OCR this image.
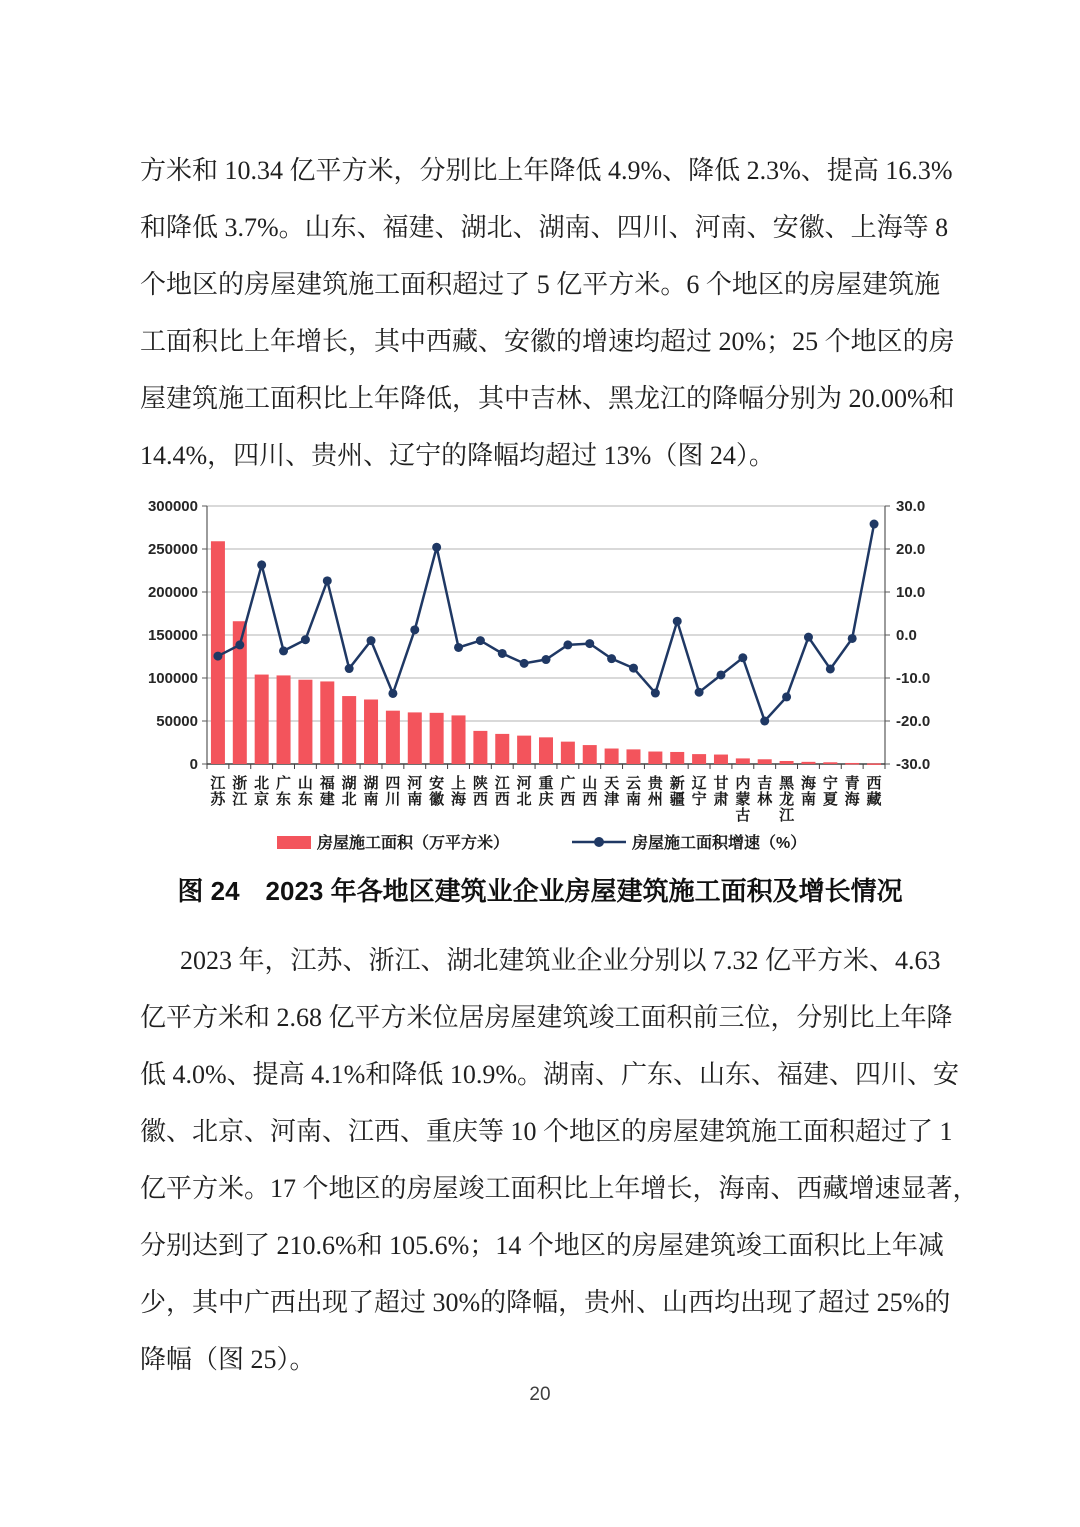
方米和 10.34 亿平方米，分别比上年降低 4.9%、降低 2.3%、提高 16.3%
和降低 3.7%。山东、福建、湖北、湖南、四川、河南、安徽、上海等 8
个地区的房屋建筑施工面积超过了 5 亿平方米。6 个地区的房屋建筑施
工面积比上年增长，其中西藏、安徽的增速均超过 20%；25 个地区的房
屋建筑施工面积比上年降低，其中吉林、黑龙江的降幅分别为 20.00%和
14.4%，四川、贵州、辽宁的降幅均超过 13%（图 24）。
0
50000
100000
150000
200000
250000
300000	30.0
20.0
10.0
0.0
-10.0
-20.0
-30.0
江苏
浙江
北京
广东
山东
福建
湖北
湖南
四川
河南
安徽
上海
陕西
江西
河北
重庆
广西
山西
天津
云南
贵州
新疆
辽宁
甘肃
内蒙古
吉林
黑龙江
海南
宁夏
青海
西藏
房屋施工面积（万平方米）	房屋施工面积增速（%）
图 24　2023 年各地区建筑业企业房屋建筑施工面积及增长情况
2023 年，江苏、浙江、湖北建筑业企业分别以 7.32 亿平方米、4.63
亿平方米和 2.68 亿平方米位居房屋建筑竣工面积前三位，分别比上年降
低 4.0%、提高 4.1%和降低 10.9%。湖南、广东、山东、福建、四川、安
徽、北京、河南、江西、重庆等 10 个地区的房屋建筑施工面积超过了 1
亿平方米。17 个地区的房屋竣工面积比上年增长，海南、西藏增速显著，
分别达到了 210.6%和 105.6%；14 个地区的房屋建筑竣工面积比上年减
少，其中广西出现了超过 30%的降幅，贵州、山西均出现了超过 25%的
降幅（图 25）。
20
